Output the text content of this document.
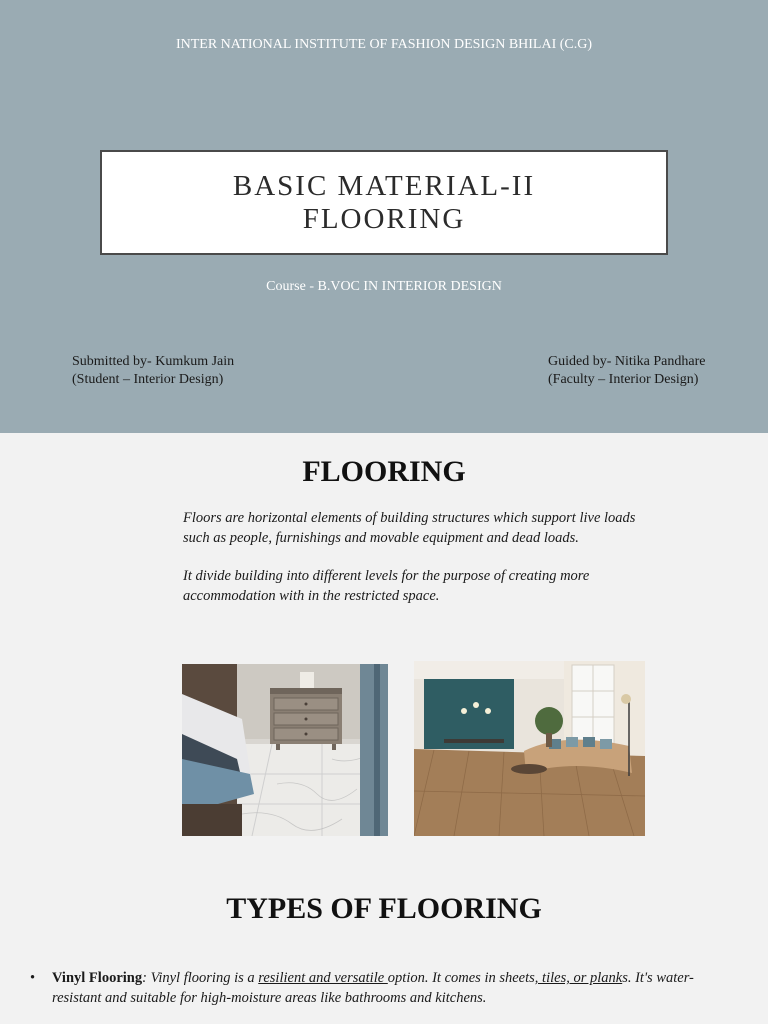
INTER NATIONAL INSTITUTE OF FASHION DESIGN BHILAI (C.G)
BASIC MATERIAL-II
FLOORING
Course - B.VOC IN INTERIOR DESIGN
Submitted by- Kumkum Jain
(Student – Interior Design)
Guided by- Nitika Pandhare
(Faculty – Interior Design)
FLOORING

Floors are horizontal elements of building structures which support live loads such as people, furnishings and movable equipment and dead loads.

It divide building into different levels for the purpose of creating more accommodation with in the restricted space.

TYPES OF FLOORING
• Vinyl Flooring: Vinyl flooring is a resilient and versatile option. It comes in sheets, tiles, or planks. It's water-resistant and suitable for high-moisture areas like bathrooms and kitchens.
